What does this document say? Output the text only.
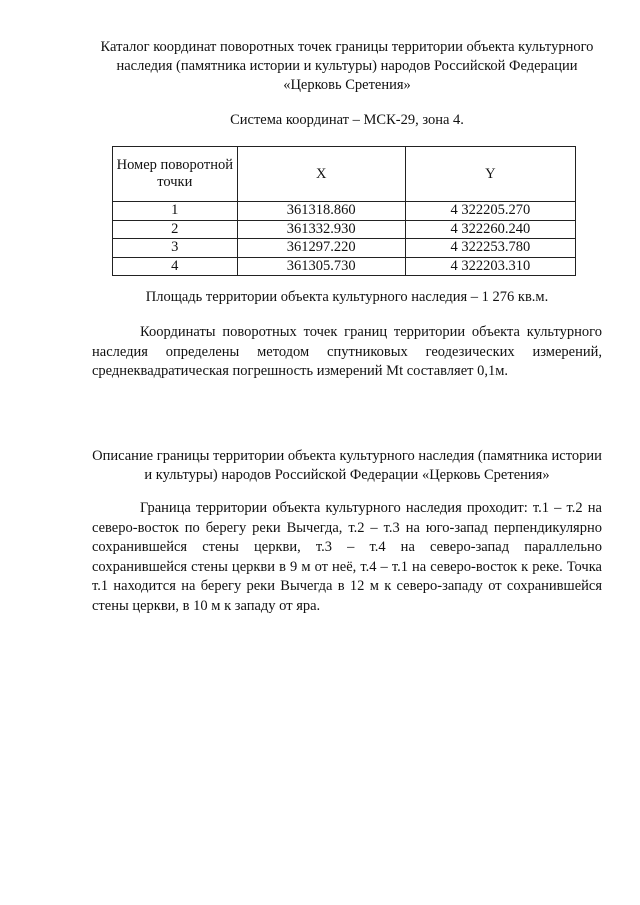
Каталог координат поворотных точек границы территории объекта культурного наследия (памятника истории и культуры) народов Российской Федерации «Церковь Сретения»
Система координат – МСК-29, зона 4.
Номер поворотной точки	X	Y
1	361318.860	4 322205.270
2	361332.930	4 322260.240
3	361297.220	4 322253.780
4	361305.730	4 322203.310
Площадь территории объекта культурного наследия – 1 276 кв.м.
Координаты поворотных точек границ территории объекта культурного наследия определены методом спутниковых геодезических измерений, среднеквадратическая погрешность измерений Mt составляет 0,1м.
Описание границы территории объекта культурного наследия (памятника истории и культуры) народов Российской Федерации «Церковь Сретения»
Граница территории объекта культурного наследия проходит: т.1 – т.2 на северо-восток по берегу реки Вычегда, т.2 – т.3 на юго-запад перпендикулярно сохранившейся стены церкви, т.3 – т.4 на северо-запад параллельно сохранившейся стены церкви в 9 м от неё, т.4 – т.1 на северо-восток к реке. Точка т.1 находится на берегу реки Вычегда в 12 м к северо-западу от сохранившейся стены церкви, в 10 м к западу от яра.
